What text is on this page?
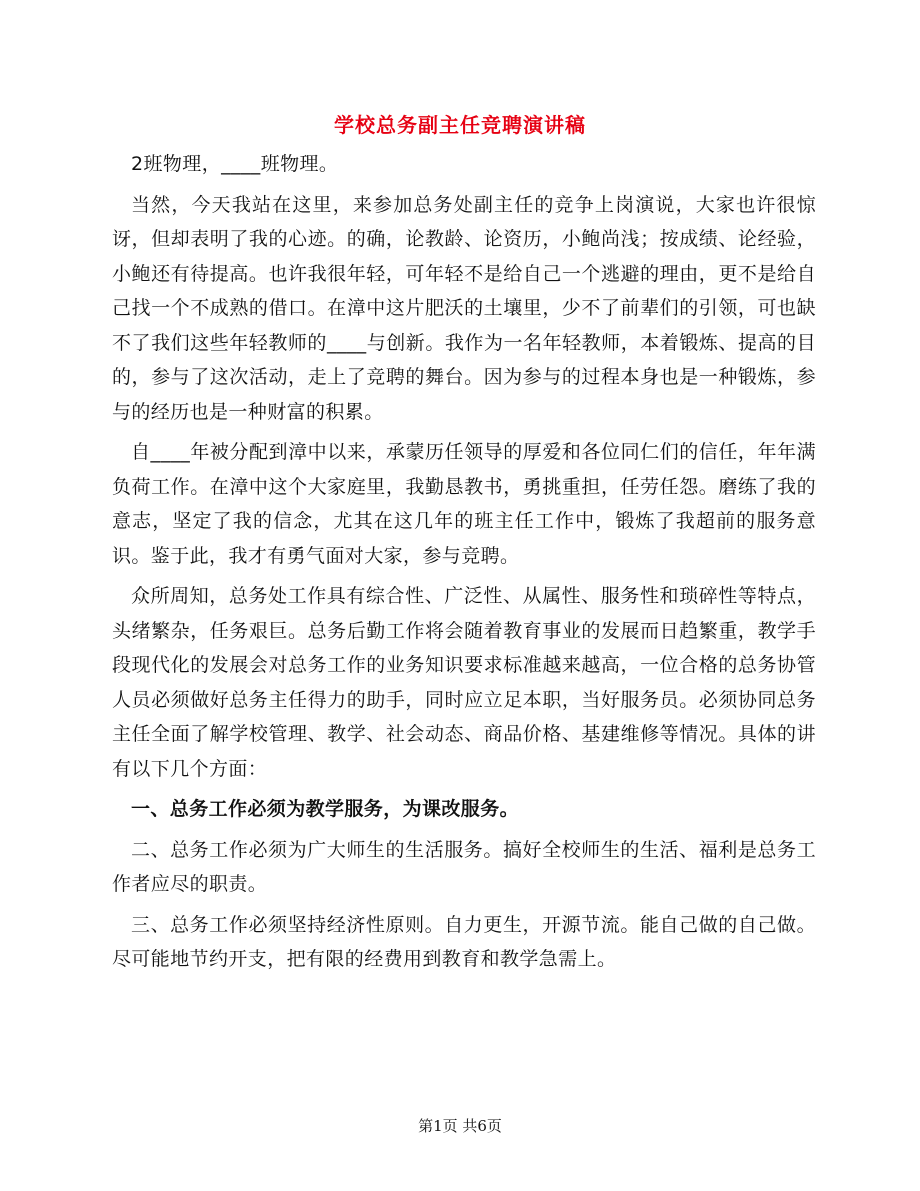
学校总务副主任竞聘演讲稿

2班物理，____班物理。

当然，今天我站在这里，来参加总务处副主任的竞争上岗演说，大家也许很惊讶，但却表明了我的心迹。的确，论教龄、论资历，小鲍尚浅；按成绩、论经验，小鲍还有待提高。也许我很年轻，可年轻不是给自己一个逃避的理由，更不是给自己找一个不成熟的借口。在漳中这片肥沃的土壤里，少不了前辈们的引领，可也缺不了我们这些年轻教师的____与创新。我作为一名年轻教师，本着锻炼、提高的目的，参与了这次活动，走上了竞聘的舞台。因为参与的过程本身也是一种锻炼，参与的经历也是一种财富的积累。

自____年被分配到漳中以来，承蒙历任领导的厚爱和各位同仁们的信任，年年满负荷工作。在漳中这个大家庭里，我勤恳教书，勇挑重担，任劳任怨。磨练了我的意志，坚定了我的信念，尤其在这几年的班主任工作中，锻炼了我超前的服务意识。鉴于此，我才有勇气面对大家，参与竞聘。

众所周知，总务处工作具有综合性、广泛性、从属性、服务性和琐碎性等特点，头绪繁杂，任务艰巨。总务后勤工作将会随着教育事业的发展而日趋繁重，教学手段现代化的发展会对总务工作的业务知识要求标准越来越高，一位合格的总务协管人员必须做好总务主任得力的助手，同时应立足本职，当好服务员。必须协同总务主任全面了解学校管理、教学、社会动态、商品价格、基建维修等情况。具体的讲有以下几个方面：

一、总务工作必须为教学服务，为课改服务。

二、总务工作必须为广大师生的生活服务。搞好全校师生的生活、福利是总务工作者应尽的职责。

三、总务工作必须坚持经济性原则。自力更生，开源节流。能自己做的自己做。尽可能地节约开支，把有限的经费用到教育和教学急需上。

第1页 共6页
